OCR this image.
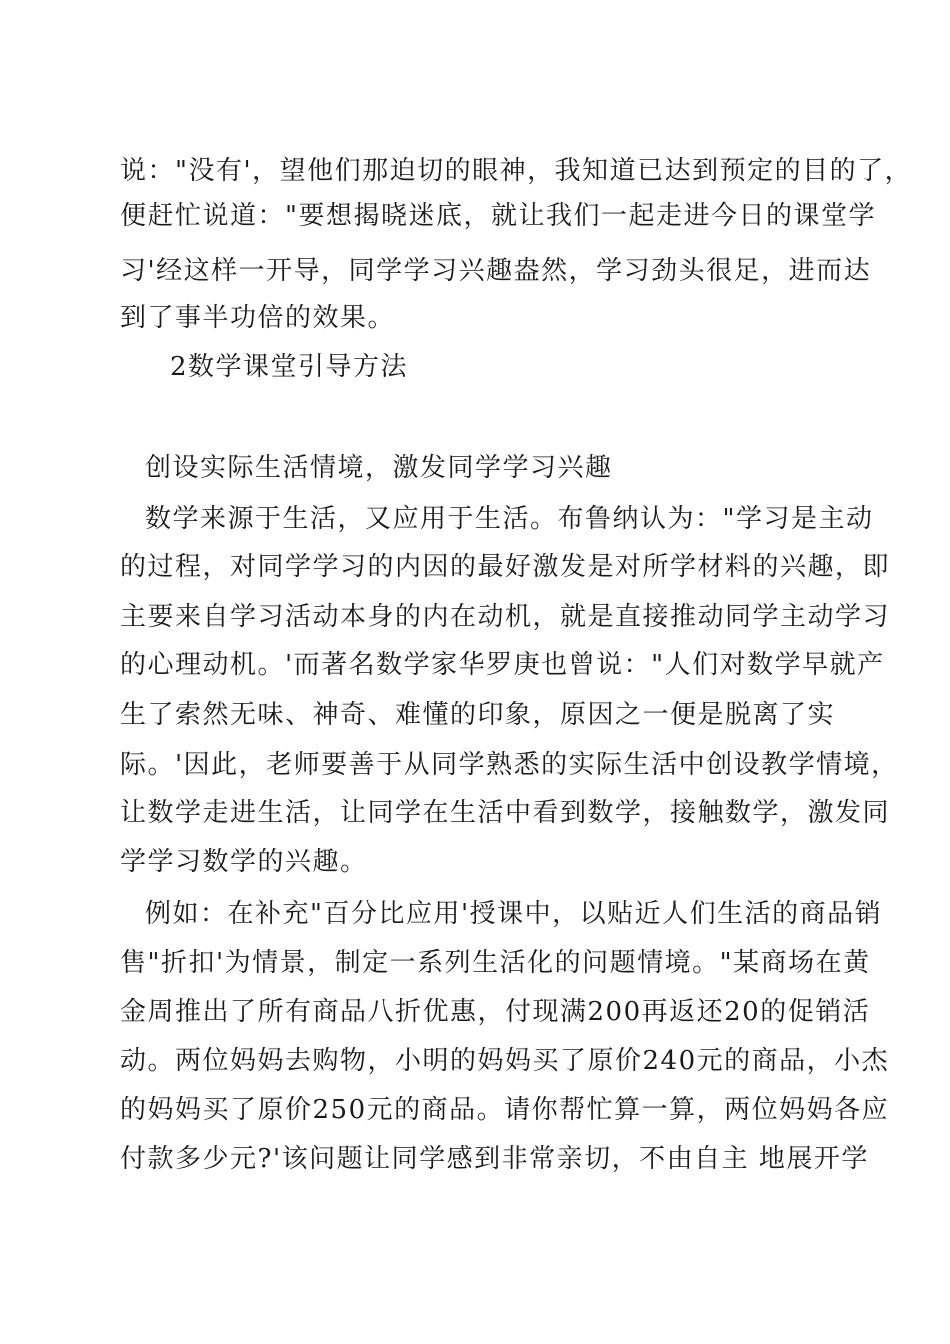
说："没有'，望他们那迫切的眼神，我知道已达到预定的目的了，
便赶忙说道："要想揭晓迷底，就让我们一起走进今日的课堂学
习'经这样一开导，同学学习兴趣盎然，学习劲头很足，进而达
到了事半功倍的效果。
2数学课堂引导方法
创设实际生活情境，激发同学学习兴趣
数学来源于生活，又应用于生活。布鲁纳认为："学习是主动
的过程，对同学学习的内因的最好激发是对所学材料的兴趣，即
主要来自学习活动本身的内在动机，就是直接推动同学主动学习
的心理动机。'而著名数学家华罗庚也曾说："人们对数学早就产
生了索然无味、神奇、难懂的印象，原因之一便是脱离了实
际。'因此，老师要善于从同学熟悉的实际生活中创设教学情境，
让数学走进生活，让同学在生活中看到数学，接触数学，激发同
学学习数学的兴趣。
例如：在补充"百分比应用'授课中，以贴近人们生活的商品销
售"折扣'为情景，制定一系列生活化的问题情境。"某商场在黄
金周推出了所有商品八折优惠，付现满200再返还20的促销活
动。两位妈妈去购物，小明的妈妈买了原价240元的商品，小杰
的妈妈买了原价250元的商品。请你帮忙算一算，两位妈妈各应
付款多少元?'该问题让同学感到非常亲切，不由自主 地展开学
